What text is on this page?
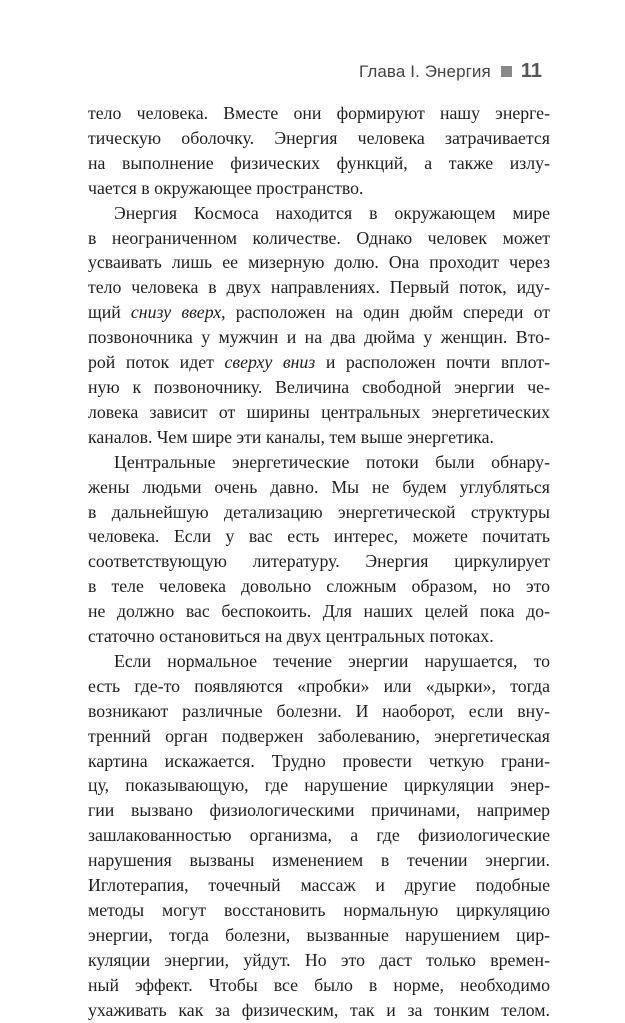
Глава I. Энергия 11
тело человека. Вместе они формируют нашу энерге-
тическую оболочку. Энергия человека затрачивается
на выполнение физических функций, а также излу-
чается в окружающее пространство.
Энергия Космоса находится в окружающем мире
в неограниченном количестве. Однако человек может
усваивать лишь ее мизерную долю. Она проходит через
тело человека в двух направлениях. Первый поток, иду-
щий снизу вверх, расположен на один дюйм спереди от
позвоночника у мужчин и на два дюйма у женщин. Вто-
рой поток идет сверху вниз и расположен почти вплот-
ную к позвоночнику. Величина свободной энергии че-
ловека зависит от ширины центральных энергетических
каналов. Чем шире эти каналы, тем выше энергетика.
Центральные энергетические потоки были обнару-
жены людьми очень давно. Мы не будем углубляться
в дальнейшую детализацию энергетической структуры
человека. Если у вас есть интерес, можете почитать
соответствующую литературу. Энергия циркулирует
в теле человека довольно сложным образом, но это
не должно вас беспокоить. Для наших целей пока до-
статочно остановиться на двух центральных потоках.
Если нормальное течение энергии нарушается, то
есть где-то появляются «пробки» или «дырки», тогда
возникают различные болезни. И наоборот, если вну-
тренний орган подвержен заболеванию, энергетическая
картина искажается. Трудно провести четкую грани-
цу, показывающую, где нарушение циркуляции энер-
гии вызвано физиологическими причинами, например
зашлакованностью организма, а где физиологические
нарушения вызваны изменением в течении энергии.
Иглотерапия, точечный массаж и другие подобные
методы могут восстановить нормальную циркуляцию
энергии, тогда болезни, вызванные нарушением цир-
куляции энергии, уйдут. Но это даст только времен-
ный эффект. Чтобы все было в норме, необходимо
ухаживать как за физическим, так и за тонким телом.
